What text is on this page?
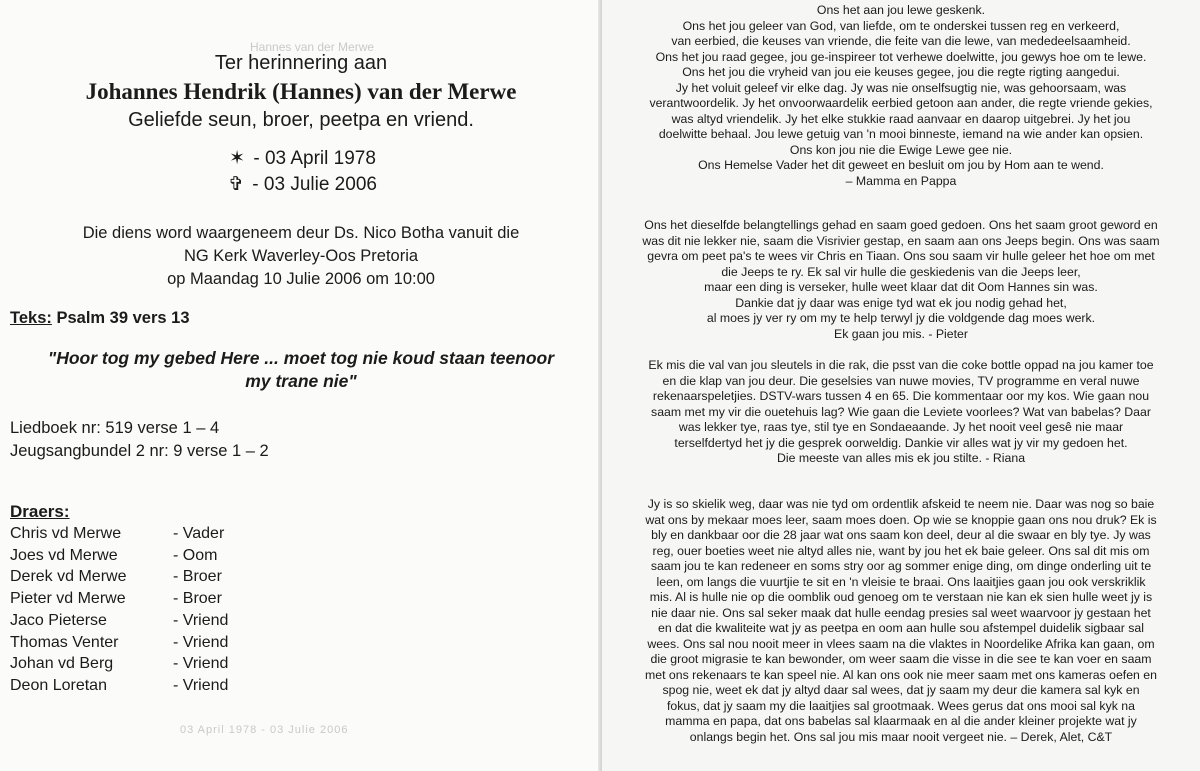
Hannes van der Merwe
Ter herinnering aan
Johannes Hendrik (Hannes) van der Merwe
Geliefde seun, broer, peetpa en vriend.
✶ - 03 April 1978
✞ - 03 Julie 2006
Die diens word waargeneem deur Ds. Nico Botha vanuit die
NG Kerk Waverley-Oos Pretoria
op Maandag 10 Julie 2006 om 10:00
Teks: Psalm 39 vers 13
"Hoor tog my gebed Here ... moet tog nie koud staan teenoor
my trane nie"
Liedboek nr: 519 verse 1 – 4
Jeugsangbundel 2 nr: 9 verse 1 – 2
Draers:
Chris vd Merwe	- Vader
Joes vd Merwe	- Oom
Derek vd Merwe	- Broer
Pieter vd Merwe	- Broer
Jaco Pieterse	- Vriend
Thomas Venter	- Vriend
Johan vd Berg	- Vriend
Deon Loretan	- Vriend
03 April 1978 - 03 Julie 2006
Ons het aan jou lewe geskenk.
Ons het jou geleer van God, van liefde, om te onderskei tussen reg en verkeerd,
van eerbied, die keuses van vriende, die feite van die lewe, van mededeelsaamheid.
Ons het jou raad gegee, jou ge-inspireer tot verhewe doelwitte, jou gewys hoe om te lewe.
Ons het jou die vryheid van jou eie keuses gegee, jou die regte rigting aangedui.
Jy het voluit geleef vir elke dag. Jy was nie onselfsugtig nie, was gehoorsaam, was
verantwoordelik. Jy het onvoorwaardelik eerbied getoon aan ander, die regte vriende gekies,
was altyd vriendelik. Jy het elke stukkie raad aanvaar en daarop uitgebrei. Jy het jou
doelwitte behaal. Jou lewe getuig van 'n mooi binneste, iemand na wie ander kan opsien.
Ons kon jou nie die Ewige Lewe gee nie.
Ons Hemelse Vader het dit geweet en besluit om jou by Hom aan te wend.
– Mamma en Pappa
Ons het dieselfde belangtellings gehad en saam goed gedoen. Ons het saam groot geword en
was dit nie lekker nie, saam die Visrivier gestap, en saam aan ons Jeeps begin. Ons was saam
gevra om peet pa's te wees vir Chris en Tiaan. Ons sou saam vir hulle geleer het hoe om met
die Jeeps te ry. Ek sal vir hulle die geskiedenis van die Jeeps leer,
maar een ding is verseker, hulle weet klaar dat dit Oom Hannes sin was.
Dankie dat jy daar was enige tyd wat ek jou nodig gehad het,
al moes jy ver ry om my te help terwyl jy die voldgende dag moes werk.
Ek gaan jou mis. - Pieter
Ek mis die val van jou sleutels in die rak, die psst van die coke bottle oppad na jou kamer toe
en die klap van jou deur. Die geselsies van nuwe movies, TV programme en veral nuwe
rekenaarspeletjies. DSTV-wars tussen 4 en 65. Die kommentaar oor my kos. Wie gaan nou
saam met my vir die ouetehuis lag? Wie gaan die Leviete voorlees? Wat van babelas? Daar
was lekker tye, raas tye, stil tye en Sondaeaande. Jy het nooit veel gesê nie maar
terselfdertyd het jy die gesprek oorweldig. Dankie vir alles wat jy vir my gedoen het.
Die meeste van alles mis ek jou stilte. - Riana
Jy is so skielik weg, daar was nie tyd om ordentlik afskeid te neem nie. Daar was nog so baie
wat ons by mekaar moes leer, saam moes doen. Op wie se knoppie gaan ons nou druk? Ek is
bly en dankbaar oor die 28 jaar wat ons saam kon deel, deur al die swaar en bly tye. Jy was
reg, ouer boeties weet nie altyd alles nie, want by jou het ek baie geleer. Ons sal dit mis om
saam jou te kan redeneer en soms stry oor ag sommer enige ding, om dinge onderling uit te
leen, om langs die vuurtjie te sit en 'n vleisie te braai. Ons laaitjies gaan jou ook verskriklik
mis. Al is hulle nie op die oomblik oud genoeg om te verstaan nie kan ek sien hulle weet jy is
nie daar nie. Ons sal seker maak dat hulle eendag presies sal weet waarvoor jy gestaan het
en dat die kwaliteite wat jy as peetpa en oom aan hulle sou afstempel duidelik sigbaar sal
wees. Ons sal nou nooit meer in vlees saam na die vlaktes in Noordelike Afrika kan gaan, om
die groot migrasie te kan bewonder, om weer saam die visse in die see te kan voer en saam
met ons rekenaars te kan speel nie. Al kan ons ook nie meer saam met ons kameras oefen en
spog nie, weet ek dat jy altyd daar sal wees, dat jy saam my deur die kamera sal kyk en
fokus, dat jy saam my die laaitjies sal grootmaak. Wees gerus dat ons mooi sal kyk na
mamma en papa, dat ons babelas sal klaarmaak en al die ander kleiner projekte wat jy
onlangs begin het. Ons sal jou mis maar nooit vergeet nie. – Derek, Alet, C&T
